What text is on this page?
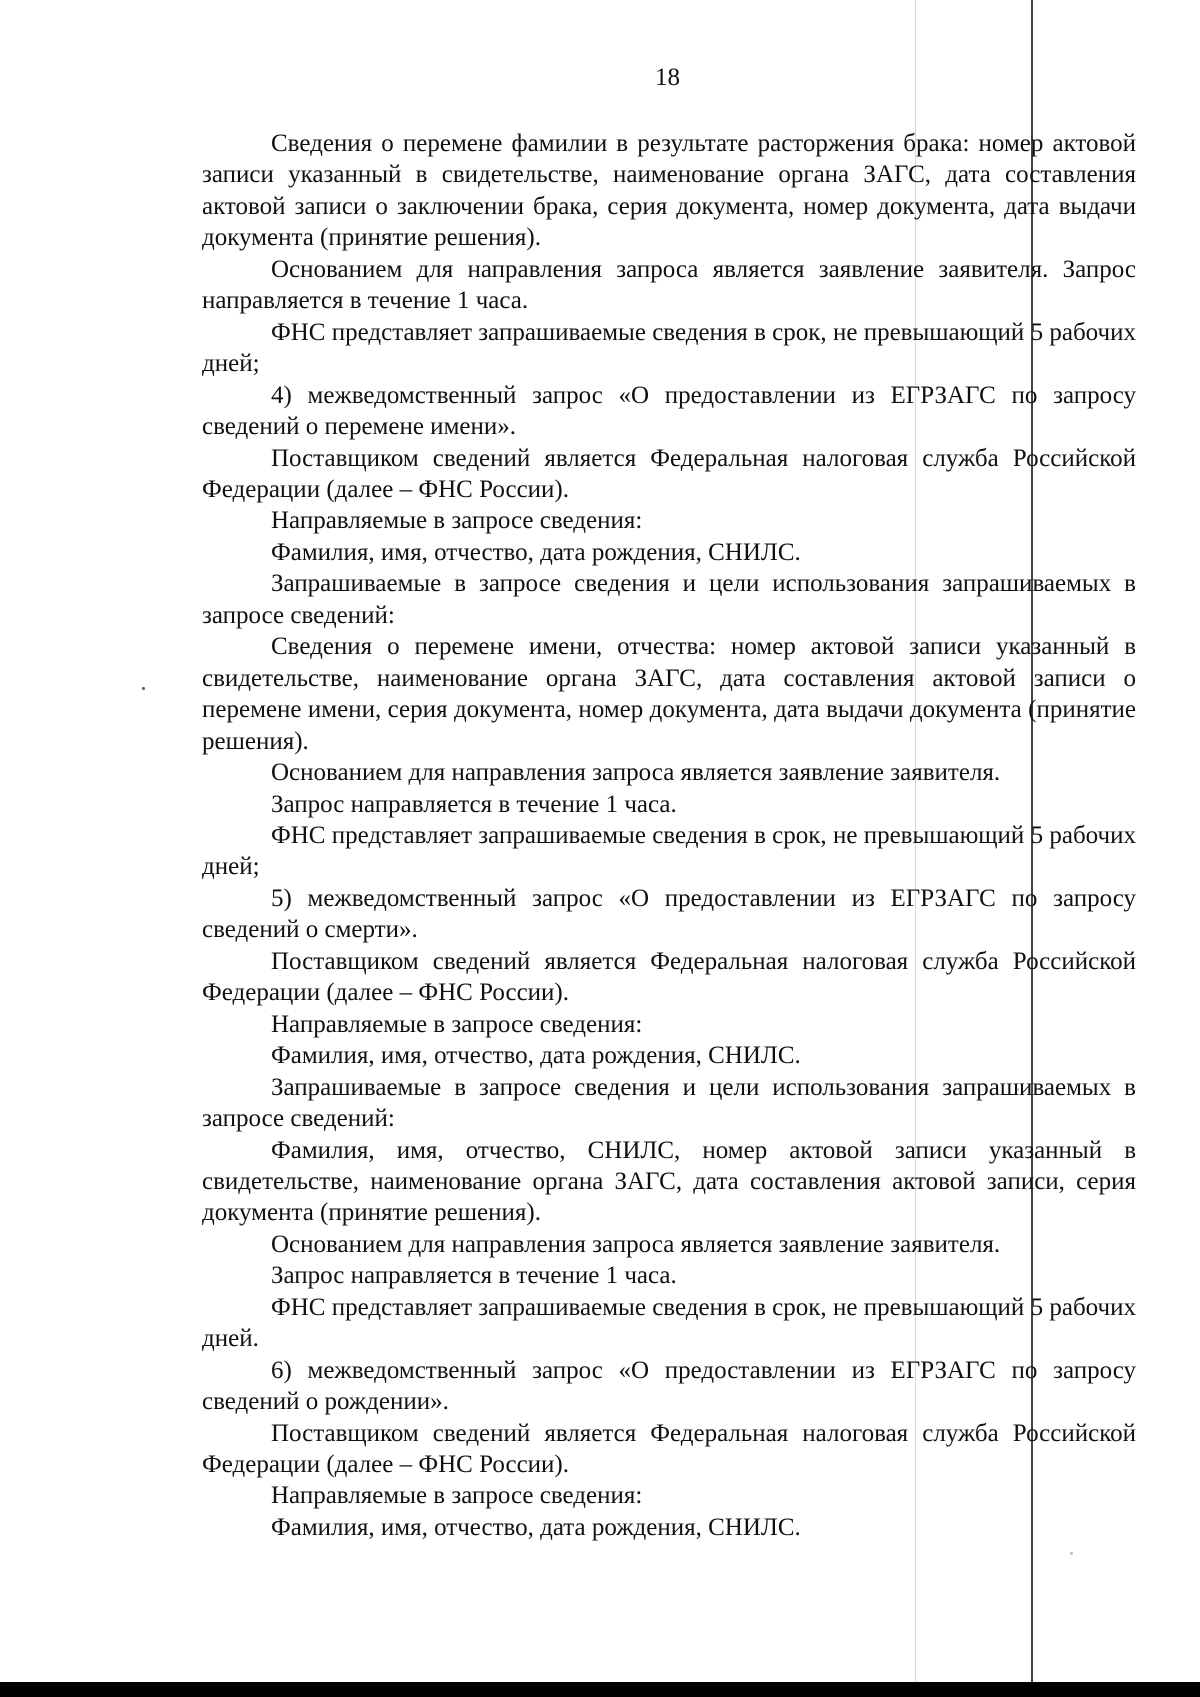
18

Сведения о перемене фамилии в результате расторжения брака: номер актовой записи указанный в свидетельстве, наименование органа ЗАГС, дата составления актовой записи о заключении брака, серия документа, номер документа, дата выдачи документа (принятие решения).

Основанием для направления запроса является заявление заявителя. Запрос направляется в течение 1 часа.

ФНС представляет запрашиваемые сведения в срок, не превышающий 5 рабочих дней;

4) межведомственный запрос «О предоставлении из ЕГРЗАГС по запросу сведений о перемене имени».

Поставщиком сведений является Федеральная налоговая служба Российской Федерации (далее – ФНС России).

Направляемые в запросе сведения:

Фамилия, имя, отчество, дата рождения, СНИЛС.

Запрашиваемые в запросе сведения и цели использования запрашиваемых в запросе сведений:

Сведения о перемене имени, отчества: номер актовой записи указанный в свидетельстве, наименование органа ЗАГС, дата составления актовой записи о перемене имени, серия документа, номер документа, дата выдачи документа (принятие решения).

Основанием для направления запроса является заявление заявителя.

Запрос направляется в течение 1 часа.

ФНС представляет запрашиваемые сведения в срок, не превышающий 5 рабочих дней;

5) межведомственный запрос «О предоставлении из ЕГРЗАГС по запросу сведений о смерти».

Поставщиком сведений является Федеральная налоговая служба Российской Федерации (далее – ФНС России).

Направляемые в запросе сведения:

Фамилия, имя, отчество, дата рождения, СНИЛС.

Запрашиваемые в запросе сведения и цели использования запрашиваемых в запросе сведений:

Фамилия, имя, отчество, СНИЛС, номер актовой записи указанный в свидетельстве, наименование органа ЗАГС, дата составления актовой записи, серия документа (принятие решения).

Основанием для направления запроса является заявление заявителя.

Запрос направляется в течение 1 часа.

ФНС представляет запрашиваемые сведения в срок, не превышающий 5 рабочих дней.

6) межведомственный запрос «О предоставлении из ЕГРЗАГС по запросу сведений о рождении».

Поставщиком сведений является Федеральная налоговая служба Российской Федерации (далее – ФНС России).

Направляемые в запросе сведения:

Фамилия, имя, отчество, дата рождения, СНИЛС.
